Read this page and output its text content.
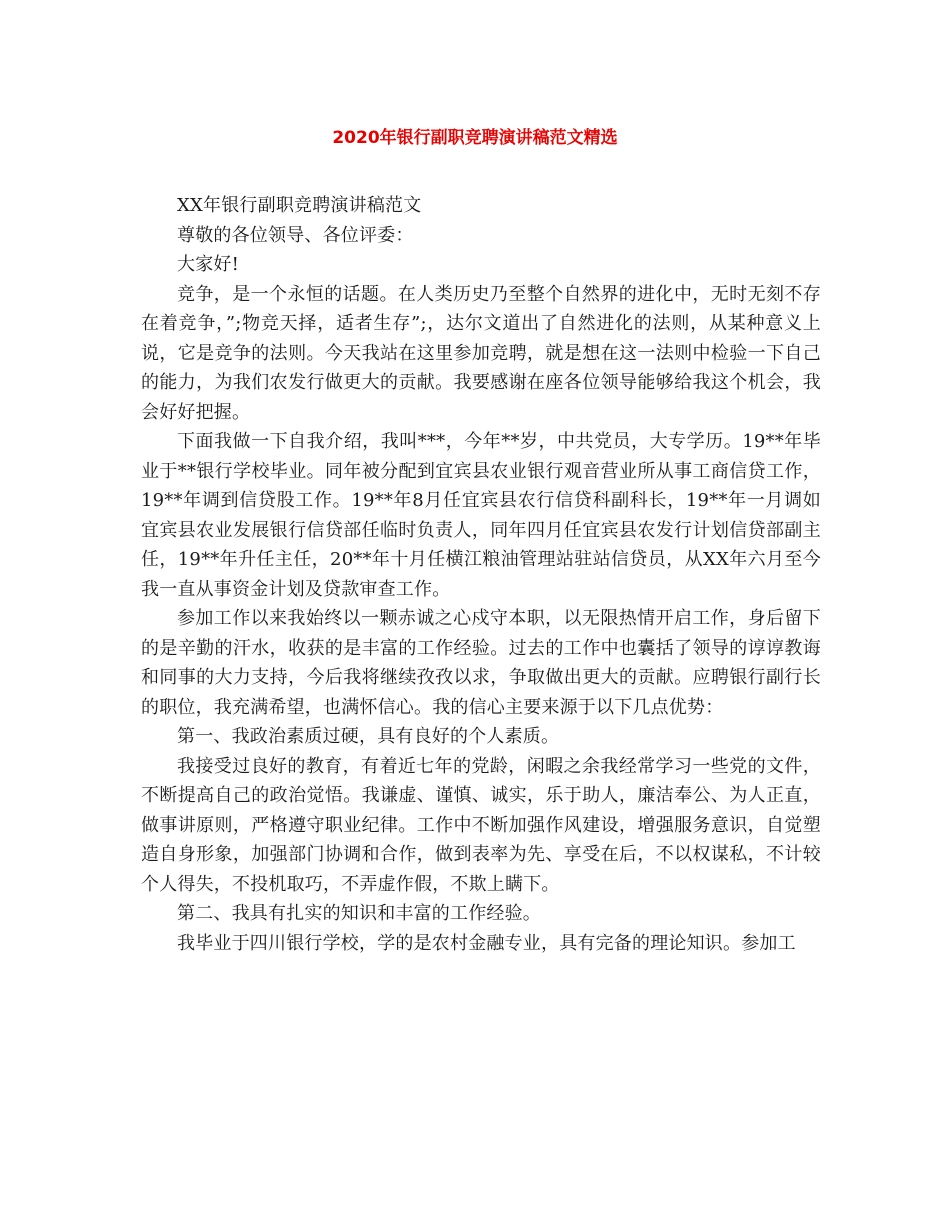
2020年银行副职竞聘演讲稿范文精选

XX年银行副职竞聘演讲稿范文

尊敬的各位领导、各位评委：

大家好!

竞争，是一个永恒的话题。在人类历史乃至整个自然界的进化中，无时无刻不存在着竞争，”;物竞天择，适者生存”;，达尔文道出了自然进化的法则，从某种意义上说，它是竞争的法则。今天我站在这里参加竞聘，就是想在这一法则中检验一下自己的能力，为我们农发行做更大的贡献。我要感谢在座各位领导能够给我这个机会，我会好好把握。

下面我做一下自我介绍，我叫***，今年**岁，中共党员，大专学历。19**年毕业于**银行学校毕业。同年被分配到宜宾县农业银行观音营业所从事工商信贷工作，19**年调到信贷股工作。19**年8月任宜宾县农行信贷科副科长，19**年一月调如宜宾县农业发展银行信贷部任临时负责人，同年四月任宜宾县农发行计划信贷部副主任，19**年升任主任，20**年十月任横江粮油管理站驻站信贷员，从XX年六月至今我一直从事资金计划及贷款审查工作。

参加工作以来我始终以一颗赤诚之心戍守本职，以无限热情开启工作，身后留下的是辛勤的汗水，收获的是丰富的工作经验。过去的工作中也囊括了领导的谆谆教诲和同事的大力支持，今后我将继续孜孜以求，争取做出更大的贡献。应聘银行副行长的职位，我充满希望，也满怀信心。我的信心主要来源于以下几点优势：

第一、我政治素质过硬，具有良好的个人素质。

我接受过良好的教育，有着近七年的党龄，闲暇之余我经常学习一些党的文件，不断提高自己的政治觉悟。我谦虚、谨慎、诚实，乐于助人，廉洁奉公、为人正直，做事讲原则，严格遵守职业纪律。工作中不断加强作风建设，增强服务意识，自觉塑造自身形象，加强部门协调和合作，做到表率为先、享受在后，不以权谋私，不计较个人得失，不投机取巧，不弄虚作假，不欺上瞒下。

第二、我具有扎实的知识和丰富的工作经验。

我毕业于四川银行学校，学的是农村金融专业，具有完备的理论知识。参加工
